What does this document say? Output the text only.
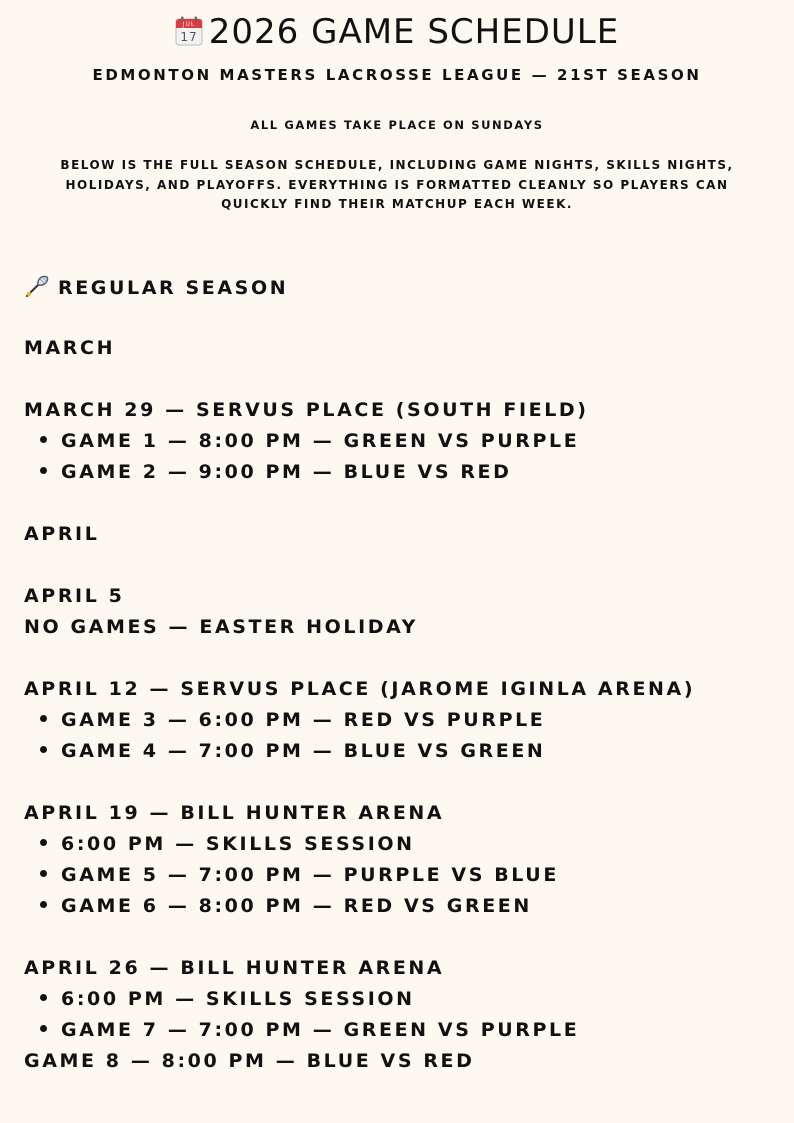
JUL
17 2026 GAME SCHEDULE
EDMONTON MASTERS LACROSSE LEAGUE — 21ST SEASON
ALL GAMES TAKE PLACE ON SUNDAYS
BELOW IS THE FULL SEASON SCHEDULE, INCLUDING GAME NIGHTS, SKILLS NIGHTS, HOLIDAYS, AND PLAYOFFS. EVERYTHING IS FORMATTED CLEANLY SO PLAYERS CAN QUICKLY FIND THEIR MATCHUP EACH WEEK.
REGULAR SEASON
MARCH
MARCH 29 — SERVUS PLACE (SOUTH FIELD)
GAME 1 — 8:00 PM — GREEN VS PURPLE
GAME 2 — 9:00 PM — BLUE VS RED
APRIL
APRIL 5
NO GAMES — EASTER HOLIDAY
APRIL 12 — SERVUS PLACE (JAROME IGINLA ARENA)
GAME 3 — 6:00 PM — RED VS PURPLE
GAME 4 — 7:00 PM — BLUE VS GREEN
APRIL 19 — BILL HUNTER ARENA
6:00 PM — SKILLS SESSION
GAME 5 — 7:00 PM — PURPLE VS BLUE
GAME 6 — 8:00 PM — RED VS GREEN
APRIL 26 — BILL HUNTER ARENA
6:00 PM — SKILLS SESSION
GAME 7 — 7:00 PM — GREEN VS PURPLE
GAME 8 — 8:00 PM — BLUE VS RED
